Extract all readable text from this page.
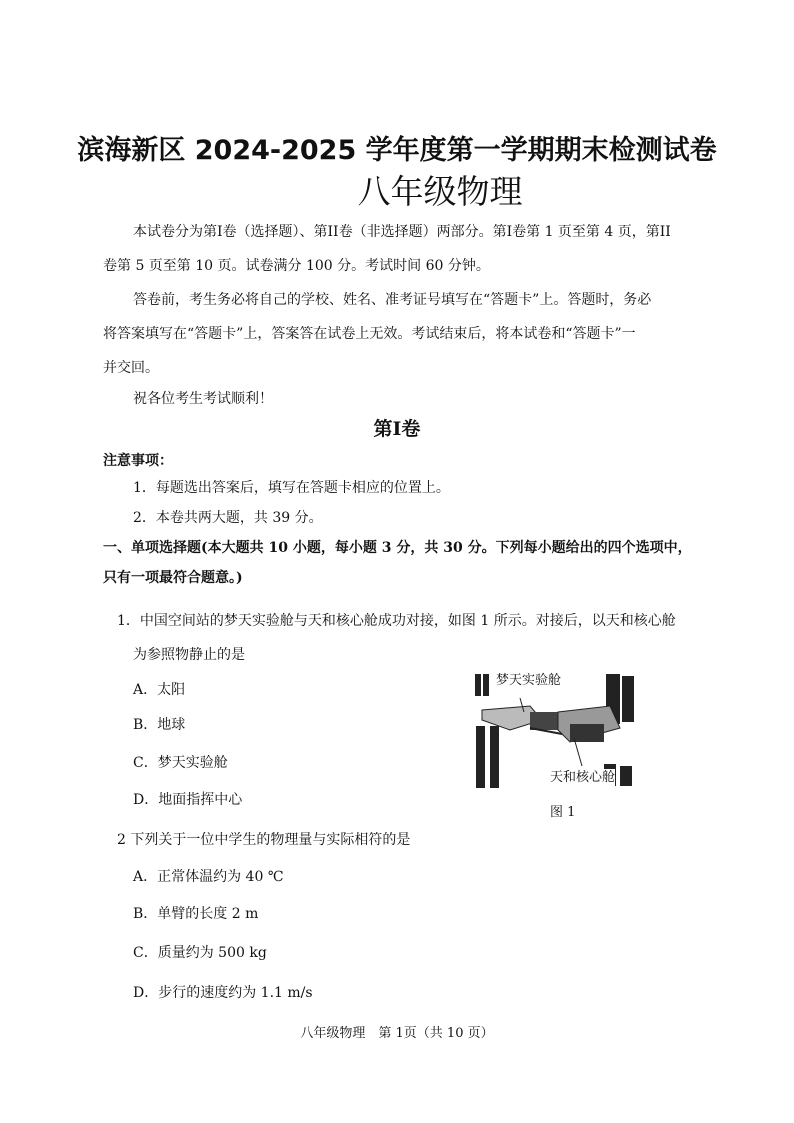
滨海新区 2024-2025 学年度第一学期期末检测试卷
八年级物理
本试卷分为第I卷（选择题）、第II卷（非选择题）两部分。第I卷第 1 页至第 4 页，第II
卷第 5 页至第 10 页。试卷满分 100 分。考试时间 60 分钟。
答卷前，考生务必将自己的学校、姓名、准考证号填写在“答题卡”上。答题时，务必
将答案填写在“答题卡”上，答案答在试卷上无效。考试结束后，将本试卷和“答题卡”一
并交回。
祝各位考生考试顺利！
第I卷
注意事项：
1．每题选出答案后，填写在答题卡相应的位置上。
2．本卷共两大题，共 39 分。
一、单项选择题(本大题共 10 小题，每小题 3 分，共 30 分。下列每小题给出的四个选项中，
只有一项最符合题意。)
1．中国空间站的梦天实验舱与天和核心舱成功对接，如图 1 所示。对接后，以天和核心舱
为参照物静止的是
A．太阳
B．地球
C．梦天实验舱
D．地面指挥中心
梦天实验舱
天和核心舱
图 1
2 下列关于一位中学生的物理量与实际相符的是
A．正常体温约为 40 ℃
B．单臂的长度 2 m
C．质量约为 500 kg
D．步行的速度约为 1.1 m/s
八年级物理　第 1页（共 10 页）
